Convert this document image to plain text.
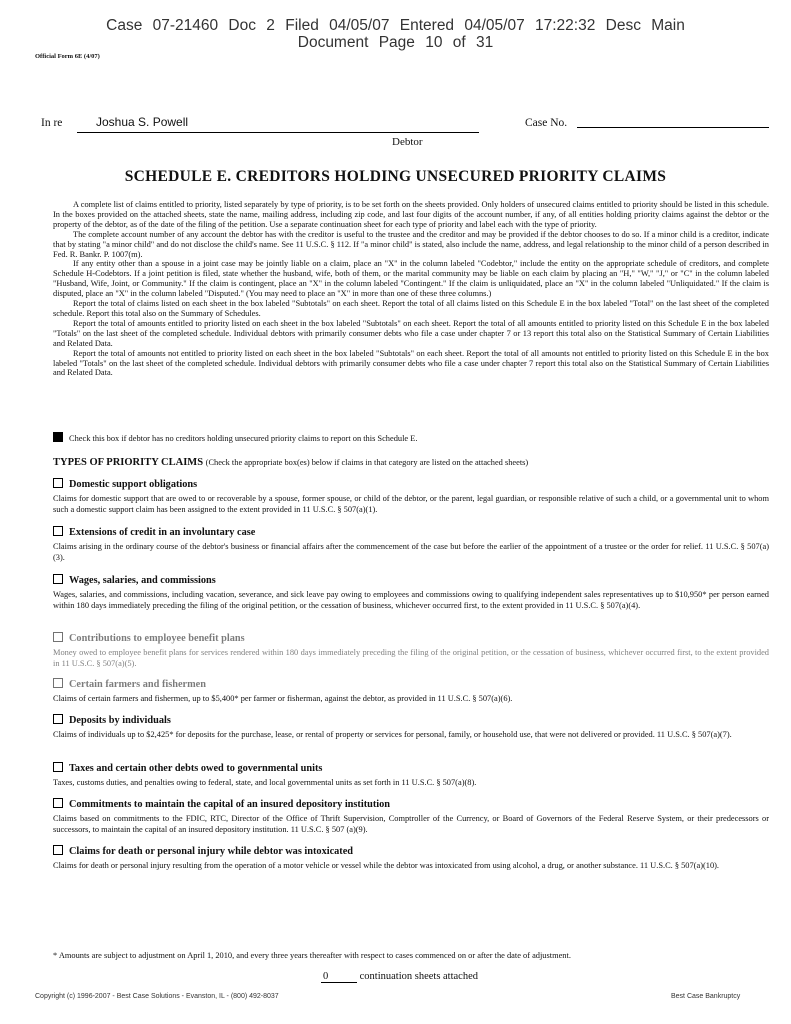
Case 07-21460 Doc 2 Filed 04/05/07 Entered 04/05/07 17:22:32 Desc Main
Document Page 10 of 31
Official Form 6E (4/07)
In re	Joshua S. Powell
Debtor
Case No.
SCHEDULE E. CREDITORS HOLDING UNSECURED PRIORITY CLAIMS

A complete list of claims entitled to priority, listed separately by type of priority, is to be set forth on the sheets provided. Only holders of unsecured claims entitled to priority should be listed in this schedule. In the boxes provided on the attached sheets, state the name, mailing address, including zip code, and last four digits of the account number, if any, of all entities holding priority claims against the debtor or the property of the debtor, as of the date of the filing of the petition. Use a separate continuation sheet for each type of priority and label each with the type of priority.

The complete account number of any account the debtor has with the creditor is useful to the trustee and the creditor and may be provided if the debtor chooses to do so. If a minor child is a creditor, indicate that by stating "a minor child" and do not disclose the child's name. See 11 U.S.C. § 112. If "a minor child" is stated, also include the name, address, and legal relationship to the minor child of a person described in Fed. R. Bankr. P. 1007(m).

If any entity other than a spouse in a joint case may be jointly liable on a claim, place an "X" in the column labeled "Codebtor," include the entity on the appropriate schedule of creditors, and complete Schedule H-Codebtors. If a joint petition is filed, state whether the husband, wife, both of them, or the marital community may be liable on each claim by placing an "H," "W," "J," or "C" in the column labeled "Husband, Wife, Joint, or Community." If the claim is contingent, place an "X" in the column labeled "Contingent." If the claim is unliquidated, place an "X" in the column labeled "Unliquidated." If the claim is disputed, place an "X" in the column labeled "Disputed." (You may need to place an "X" in more than one of these three columns.)

Report the total of claims listed on each sheet in the box labeled "Subtotals" on each sheet. Report the total of all claims listed on this Schedule E in the box labeled "Total" on the last sheet of the completed schedule. Report this total also on the Summary of Schedules.

Report the total of amounts entitled to priority listed on each sheet in the box labeled "Subtotals" on each sheet. Report the total of all amounts entitled to priority listed on this Schedule E in the box labeled "Totals" on the last sheet of the completed schedule. Individual debtors with primarily consumer debts who file a case under chapter 7 or 13 report this total also on the Statistical Summary of Certain Liabilities and Related Data.

Report the total of amounts not entitled to priority listed on each sheet in the box labeled "Subtotals" on each sheet. Report the total of all amounts not entitled to priority listed on this Schedule E in the box labeled "Totals" on the last sheet of the completed schedule. Individual debtors with primarily consumer debts who file a case under chapter 7 report this total also on the Statistical Summary of Certain Liabilities and Related Data.

Check this box if debtor has no creditors holding unsecured priority claims to report on this Schedule E.
TYPES OF PRIORITY CLAIMS (Check the appropriate box(es) below if claims in that category are listed on the attached sheets)
Domestic support obligations
Claims for domestic support that are owed to or recoverable by a spouse, former spouse, or child of the debtor, or the parent, legal guardian, or responsible relative of such a child, or a governmental unit to whom such a domestic support claim has been assigned to the extent provided in 11 U.S.C. § 507(a)(1).
Extensions of credit in an involuntary case
Claims arising in the ordinary course of the debtor's business or financial affairs after the commencement of the case but before the earlier of the appointment of a trustee or the order for relief. 11 U.S.C. § 507(a)(3).
Wages, salaries, and commissions
Wages, salaries, and commissions, including vacation, severance, and sick leave pay owing to employees and commissions owing to qualifying independent sales representatives up to $10,950* per person earned within 180 days immediately preceding the filing of the original petition, or the cessation of business, whichever occurred first, to the extent provided in 11 U.S.C. § 507(a)(4).
Contributions to employee benefit plans
Money owed to employee benefit plans for services rendered within 180 days immediately preceding the filing of the original petition, or the cessation of business, whichever occurred first, to the extent provided in 11 U.S.C. § 507(a)(5).
Certain farmers and fishermen
Claims of certain farmers and fishermen, up to $5,400* per farmer or fisherman, against the debtor, as provided in 11 U.S.C. § 507(a)(6).
Deposits by individuals
Claims of individuals up to $2,425* for deposits for the purchase, lease, or rental of property or services for personal, family, or household use, that were not delivered or provided. 11 U.S.C. § 507(a)(7).
Taxes and certain other debts owed to governmental units
Taxes, customs duties, and penalties owing to federal, state, and local governmental units as set forth in 11 U.S.C. § 507(a)(8).
Commitments to maintain the capital of an insured depository institution
Claims based on commitments to the FDIC, RTC, Director of the Office of Thrift Supervision, Comptroller of the Currency, or Board of Governors of the Federal Reserve System, or their predecessors or successors, to maintain the capital of an insured depository institution. 11 U.S.C. § 507 (a)(9).
Claims for death or personal injury while debtor was intoxicated
Claims for death or personal injury resulting from the operation of a motor vehicle or vessel while the debtor was intoxicated from using alcohol, a drug, or another substance. 11 U.S.C. § 507(a)(10).
* Amounts are subject to adjustment on April 1, 2010, and every three years thereafter with respect to cases commenced on or after the date of adjustment.
0	continuation sheets attached
Copyright (c) 1996-2007 - Best Case Solutions - Evanston, IL - (800) 492-8037	Best Case Bankruptcy
